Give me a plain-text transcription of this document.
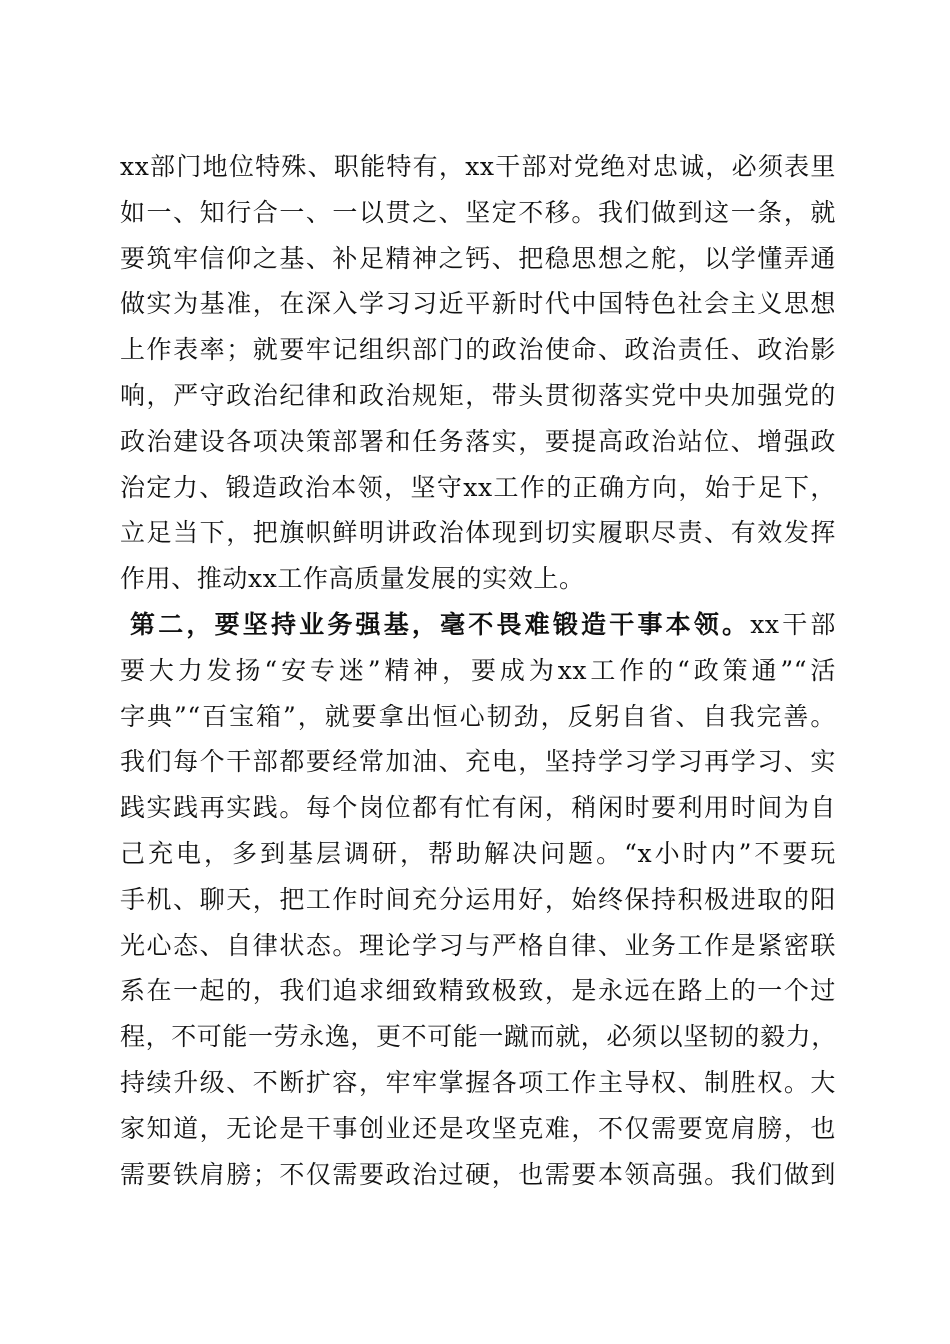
xx部门地位特殊、职能特有，xx干部对党绝对忠诚，必须表里
如一、知行合一、一以贯之、坚定不移。我们做到这一条，就
要筑牢信仰之基、补足精神之钙、把稳思想之舵，以学懂弄通
做实为基准，在深入学习习近平新时代中国特色社会主义思想
上作表率；就要牢记组织部门的政治使命、政治责任、政治影
响，严守政治纪律和政治规矩，带头贯彻落实党中央加强党的
政治建设各项决策部署和任务落实，要提高政治站位、增强政
治定力、锻造政治本领，坚守xx工作的正确方向，始于足下，
立足当下，把旗帜鲜明讲政治体现到切实履职尽责、有效发挥
作用、推动xx工作高质量发展的实效上。
第二，要坚持业务强基，毫不畏难锻造干事本领。xx干部
要大力发扬“安专迷”精神，要成为xx工作的“政策通”“活
字典”“百宝箱”，就要拿出恒心韧劲，反躬自省、自我完善。
我们每个干部都要经常加油、充电，坚持学习学习再学习、实
践实践再实践。每个岗位都有忙有闲，稍闲时要利用时间为自
己充电，多到基层调研，帮助解决问题。“x小时内”不要玩
手机、聊天，把工作时间充分运用好，始终保持积极进取的阳
光心态、自律状态。理论学习与严格自律、业务工作是紧密联
系在一起的，我们追求细致精致极致，是永远在路上的一个过
程，不可能一劳永逸，更不可能一蹴而就，必须以坚韧的毅力，
持续升级、不断扩容，牢牢掌握各项工作主导权、制胜权。大
家知道，无论是干事创业还是攻坚克难，不仅需要宽肩膀，也
需要铁肩膀；不仅需要政治过硬，也需要本领高强。我们做到
